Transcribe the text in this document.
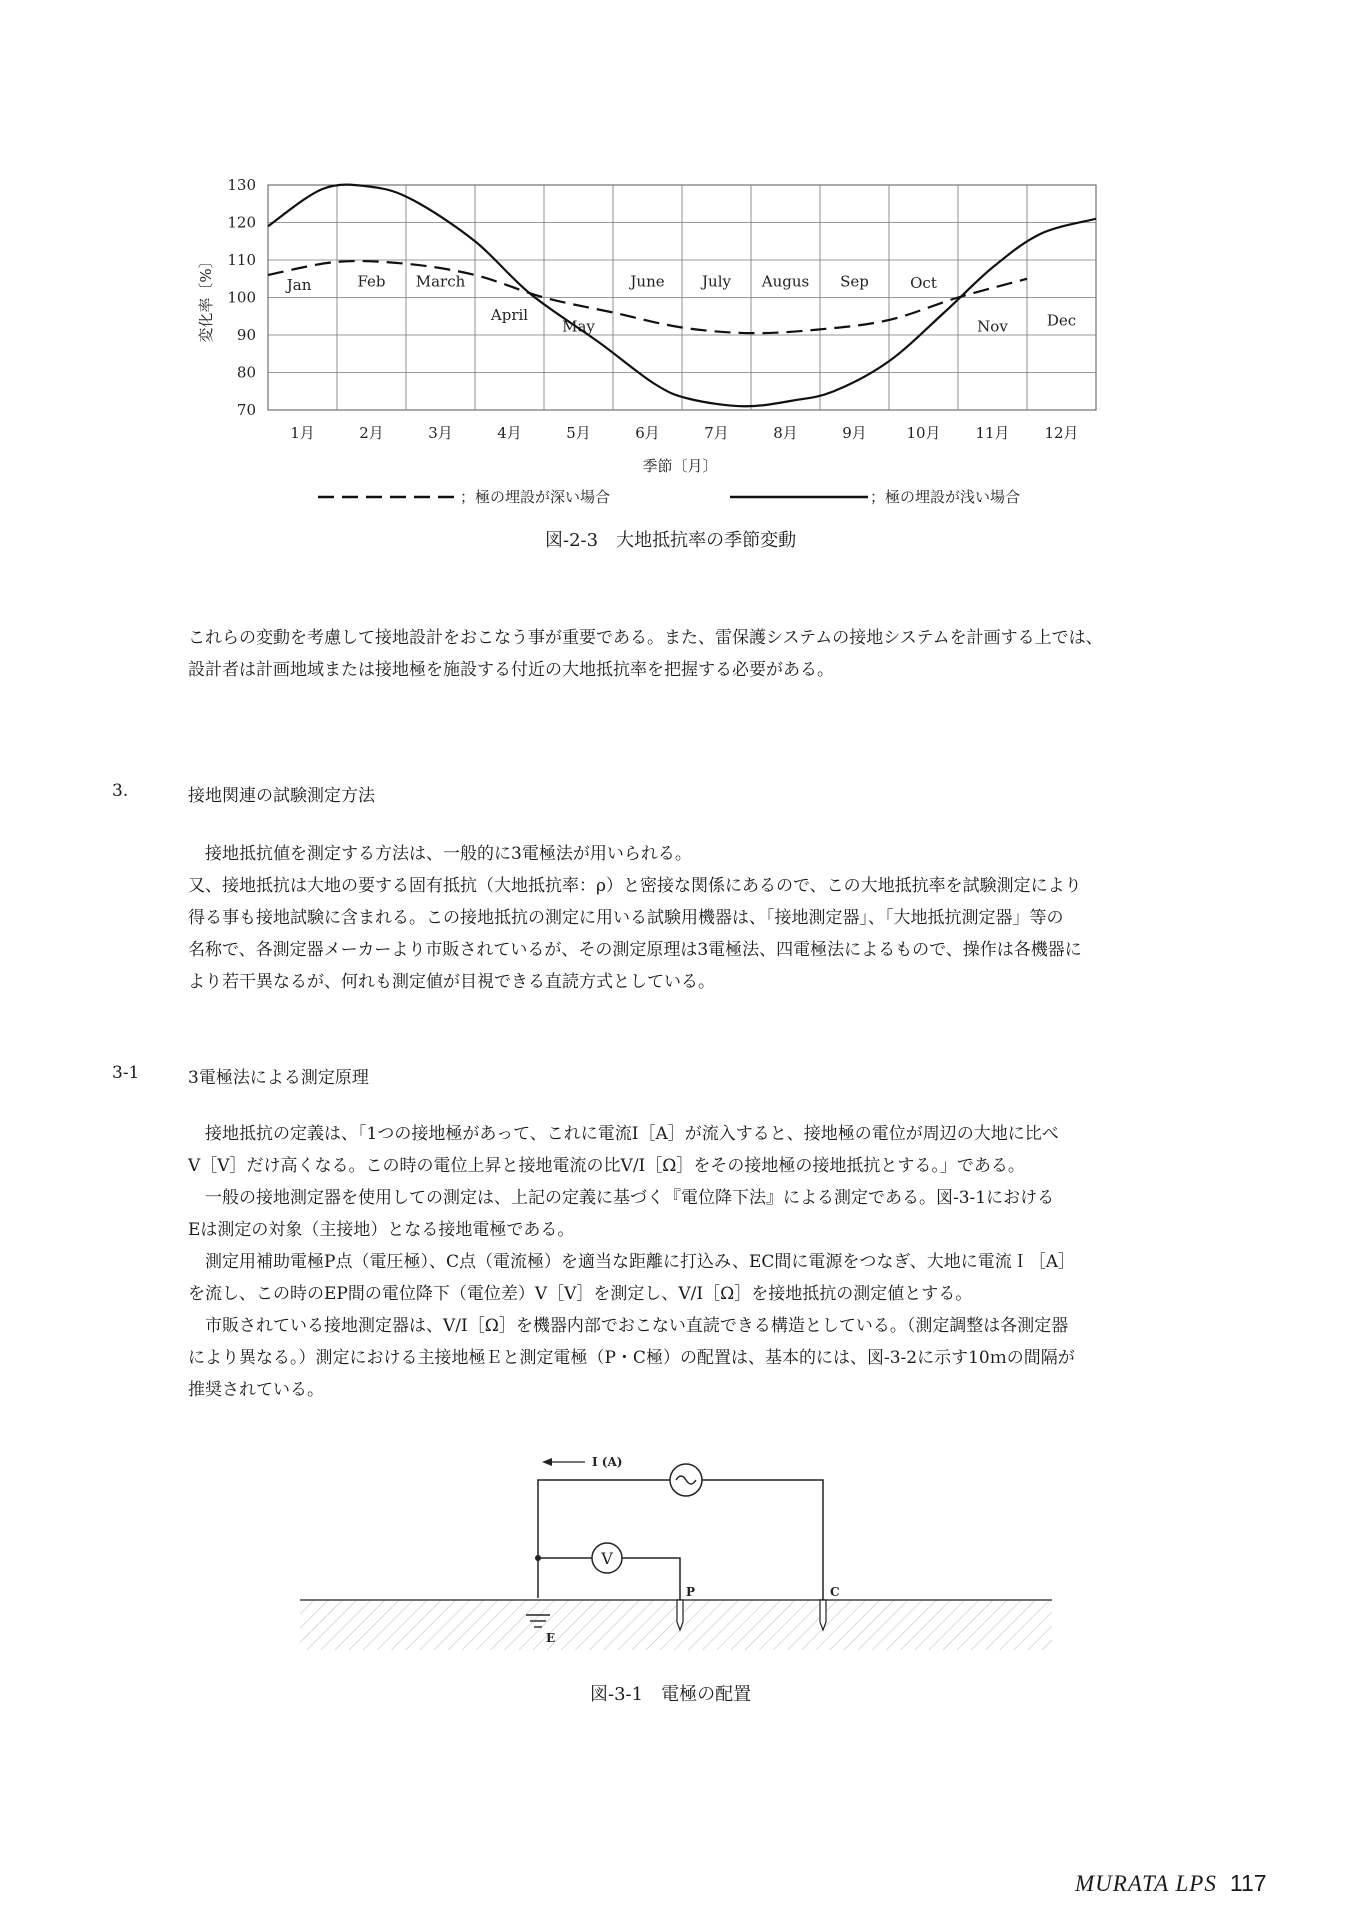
130
120
110
100
90
80
70
1月	2月	3月	4月	5月	6月	7月	8月	9月	10月 11月 12月
Jan	Feb March
April
May
June July Augus Sep	Oct
Nov	Dec
変化率〔%〕
季節〔月〕
；極の埋設が深い場合	；極の埋設が浅い場合
図-2-3　大地抵抗率の季節変動

これらの変動を考慮して接地設計をおこなう事が重要である。また、雷保護システムの接地システムを計画する上では、

設計者は計画地域または接地極を施設する付近の大地抵抗率を把握する必要がある。

3.	接地関連の試験測定方法

　接地抵抗値を測定する方法は、一般的に3電極法が用いられる。

又、接地抵抗は大地の要する固有抵抗（大地抵抗率：ρ）と密接な関係にあるので、この大地抵抗率を試験測定により

得る事も接地試験に含まれる。この接地抵抗の測定に用いる試験用機器は、「接地測定器」、「大地抵抗測定器」等の

名称で、各測定器メーカーより市販されているが、その測定原理は3電極法、四電極法によるもので、操作は各機器に

より若干異なるが、何れも測定値が目視できる直読方式としている。

3-1	3電極法による測定原理

　接地抵抗の定義は、「1つの接地極があって、これに電流I［A］が流入すると、接地極の電位が周辺の大地に比べ

V［V］だけ高くなる。この時の電位上昇と接地電流の比V/I［Ω］をその接地極の接地抵抗とする。」である。

　一般の接地測定器を使用しての測定は、上記の定義に基づく『電位降下法』による測定である。図-3-1における

Eは測定の対象（主接地）となる接地電極である。

　測定用補助電極P点（電圧極）、C点（電流極）を適当な距離に打込み、EC間に電源をつなぎ、大地に電流Ｉ［A］

を流し、この時のEP間の電位降下（電位差）V［V］を測定し、V/I［Ω］を接地抵抗の測定値とする。

　市販されている接地測定器は、V/I［Ω］を機器内部でおこない直読できる構造としている。（測定調整は各測定器

により異なる。）測定における主接地極Ｅと測定電極（P・C極）の配置は、基本的には、図-3-2に示す10ｍの間隔が

推奨されている。

I (A)
V
P	C
E
図-3-1　電極の配置
MURATA LPS 117
